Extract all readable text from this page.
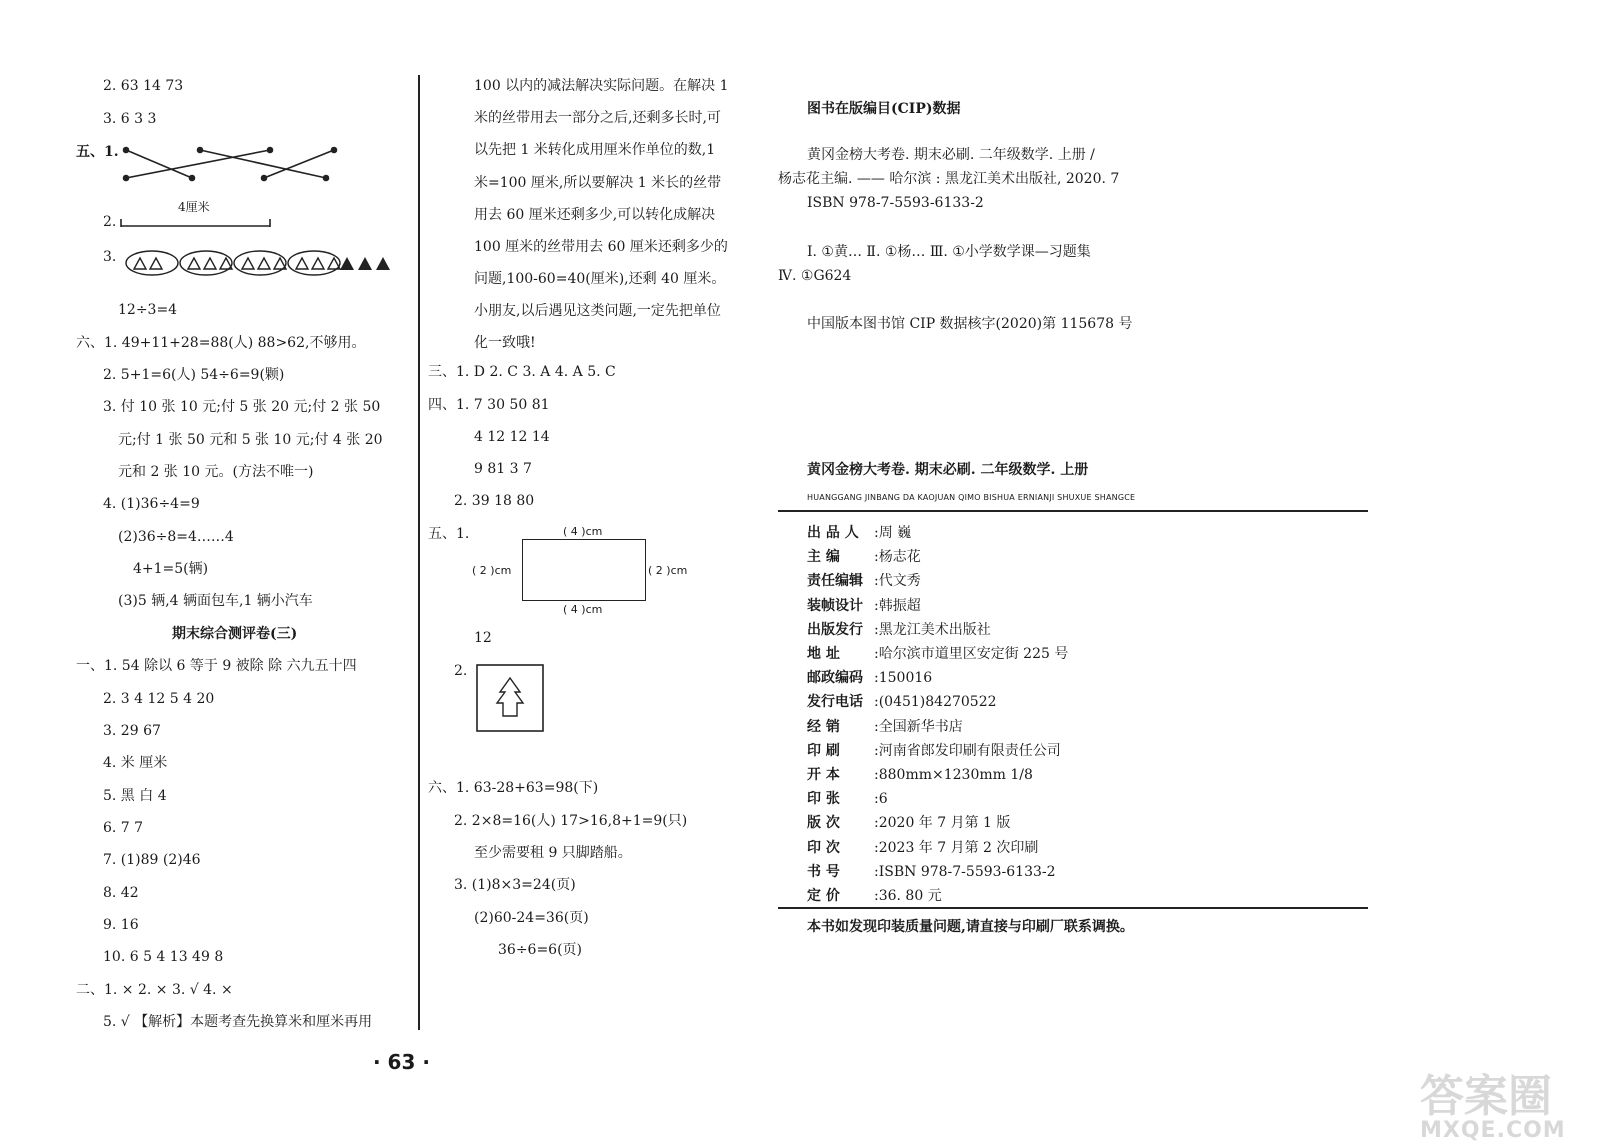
2. 63 14 73
3. 6 3 3
五、1.
2.
4厘米
3.
12÷3=4
六、1. 49+11+28=88(人) 88>62,不够用。
2. 5+1=6(人) 54÷6=9(颗)
3. 付 10 张 10 元;付 5 张 20 元;付 2 张 50
元;付 1 张 50 元和 5 张 10 元;付 4 张 20
元和 2 张 10 元。(方法不唯一)
4. (1)36÷4=9
(2)36÷8=4……4
4+1=5(辆)
(3)5 辆,4 辆面包车,1 辆小汽车
期末综合测评卷(三)
一、1. 54 除以 6 等于 9 被除 除 六九五十四
2. 3 4 12 5 4 20
3. 29 67
4. 米 厘米
5. 黑 白 4
6. 7 7
7. (1)89 (2)46
8. 42
9. 16
10. 6 5 4 13 49 8
二、1. × 2. × 3. √ 4. ×
5. √ 【解析】本题考查先换算米和厘米再用
100 以内的减法解决实际问题。在解决 1
米的丝带用去一部分之后,还剩多长时,可
以先把 1 米转化成用厘米作单位的数,1
米=100 厘米,所以要解决 1 米长的丝带
用去 60 厘米还剩多少,可以转化成解决
100 厘米的丝带用去 60 厘米还剩多少的
问题,100-60=40(厘米),还剩 40 厘米。
小朋友,以后遇见这类问题,一定先把单位
化一致哦!
三、1. D 2. C 3. A 4. A 5. C
四、1. 7 30 50 81
4 12 12 14
9 81 3 7
2. 39 18 80
五、1.	( 4 )cm
( 4 )cm
( 2 )cm	( 2 )cm
12
2.
六、1. 63-28+63=98(下)
2. 2×8=16(人) 17>16,8+1=9(只)
至少需要租 9 只脚踏船。
3. (1)8×3=24(页)
(2)60-24=36(页)
36÷6=6(页)
图书在版编目(CIP)数据
黄冈金榜大考卷. 期末必刷. 二年级数学. 上册 /
杨志花主编. —— 哈尔滨 : 黑龙江美术出版社, 2020. 7
ISBN 978-7-5593-6133-2
Ⅰ. ①黄… Ⅱ. ①杨… Ⅲ. ①小学数学课—习题集
Ⅳ. ①G624
中国版本图书馆 CIP 数据核字(2020)第 115678 号
黄冈金榜大考卷. 期末必刷. 二年级数学. 上册
HUANGGANG JINBANG DA KAOJUAN QIMO BISHUA ERNIANJI SHUXUE SHANGCE
出 品 人 :周 巍
主 编 :杨志花
责任编辑 :代文秀
装帧设计 :韩振超
出版发行 :黑龙江美术出版社
地 址 :哈尔滨市道里区安定街 225 号
邮政编码 :150016
发行电话 :(0451)84270522
经 销 :全国新华书店
印 刷 :河南省郎发印刷有限责任公司
开 本 :880mm×1230mm 1/8
印 张 :6
版 次 :2020 年 7 月第 1 版
印 次 :2023 年 7 月第 2 次印刷
书 号 :ISBN 978-7-5593-6133-2
定 价 :36. 80 元
本书如发现印装质量问题,请直接与印刷厂联系调换。
· 63 ·
答案圈
MXQE.COM
